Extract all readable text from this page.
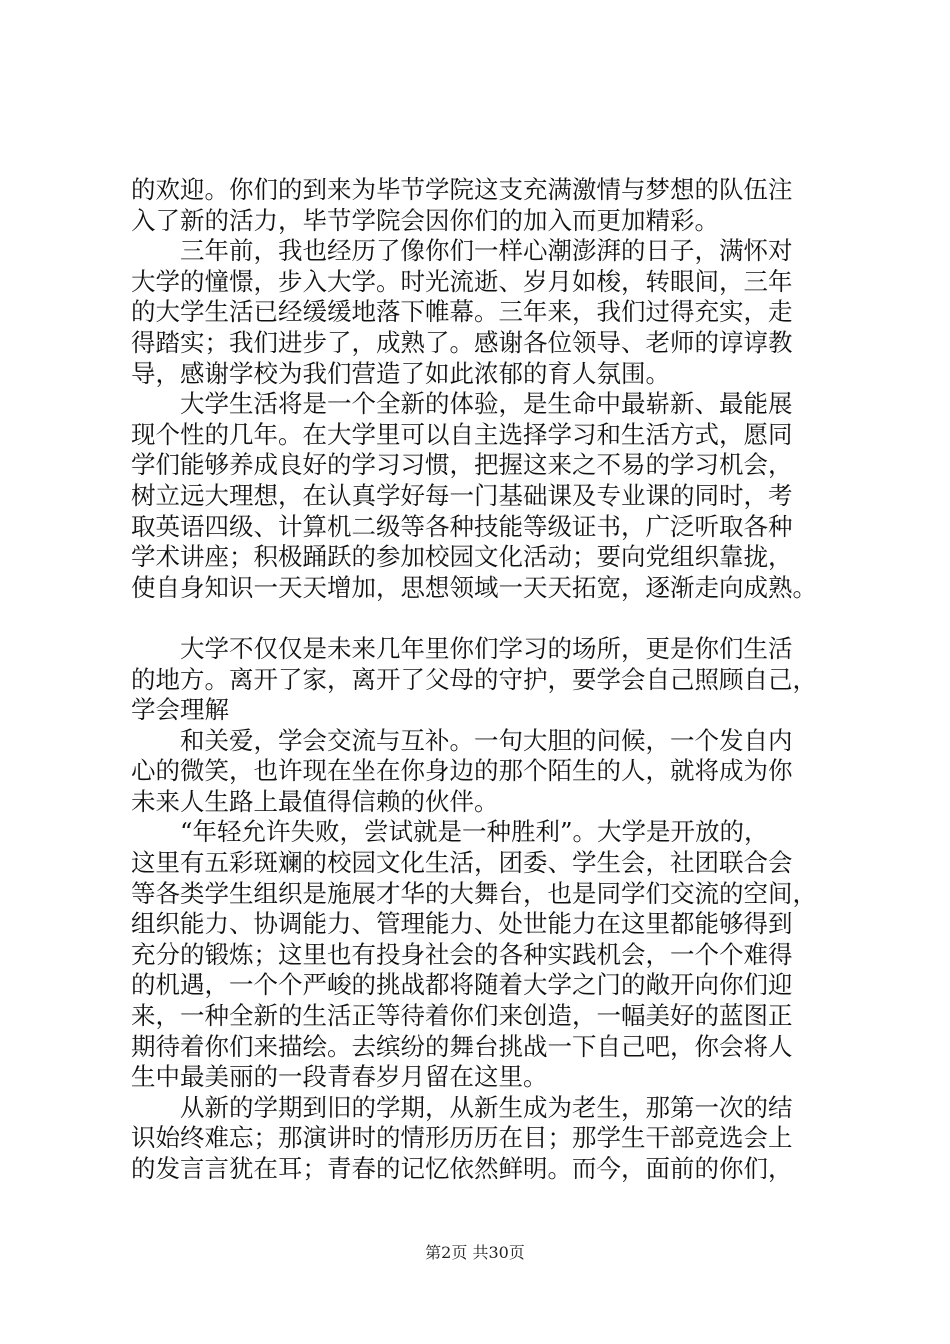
的欢迎。你们的到来为毕节学院这支充满激情与梦想的队伍注
入了新的活力，毕节学院会因你们的加入而更加精彩。
三年前，我也经历了像你们一样心潮澎湃的日子，满怀对
大学的憧憬，步入大学。时光流逝、岁月如梭，转眼间，三年
的大学生活已经缓缓地落下帷幕。三年来，我们过得充实，走
得踏实；我们进步了，成熟了。感谢各位领导、老师的谆谆教
导，感谢学校为我们营造了如此浓郁的育人氛围。
大学生活将是一个全新的体验，是生命中最崭新、最能展
现个性的几年。在大学里可以自主选择学习和生活方式，愿同
学们能够养成良好的学习习惯，把握这来之不易的学习机会，
树立远大理想，在认真学好每一门基础课及专业课的同时，考
取英语四级、计算机二级等各种技能等级证书，广泛听取各种
学术讲座；积极踊跃的参加校园文化活动；要向党组织靠拢，
使自身知识一天天增加，思想领域一天天拓宽，逐渐走向成熟。
大学不仅仅是未来几年里你们学习的场所，更是你们生活
的地方。离开了家，离开了父母的守护，要学会自己照顾自己，
学会理解
和关爱，学会交流与互补。一句大胆的问候，一个发自内
心的微笑，也许现在坐在你身边的那个陌生的人，就将成为你
未来人生路上最值得信赖的伙伴。
“年轻允许失败，尝试就是一种胜利”。大学是开放的，
这里有五彩斑斓的校园文化生活，团委、学生会，社团联合会
等各类学生组织是施展才华的大舞台，也是同学们交流的空间，
组织能力、协调能力、管理能力、处世能力在这里都能够得到
充分的锻炼；这里也有投身社会的各种实践机会，一个个难得
的机遇，一个个严峻的挑战都将随着大学之门的敞开向你们迎
来，一种全新的生活正等待着你们来创造，一幅美好的蓝图正
期待着你们来描绘。去缤纷的舞台挑战一下自己吧，你会将人
生中最美丽的一段青春岁月留在这里。
从新的学期到旧的学期，从新生成为老生，那第一次的结
识始终难忘；那演讲时的情形历历在目；那学生干部竞选会上
的发言言犹在耳；青春的记忆依然鲜明。而今，面前的你们，
第2页 共30页
